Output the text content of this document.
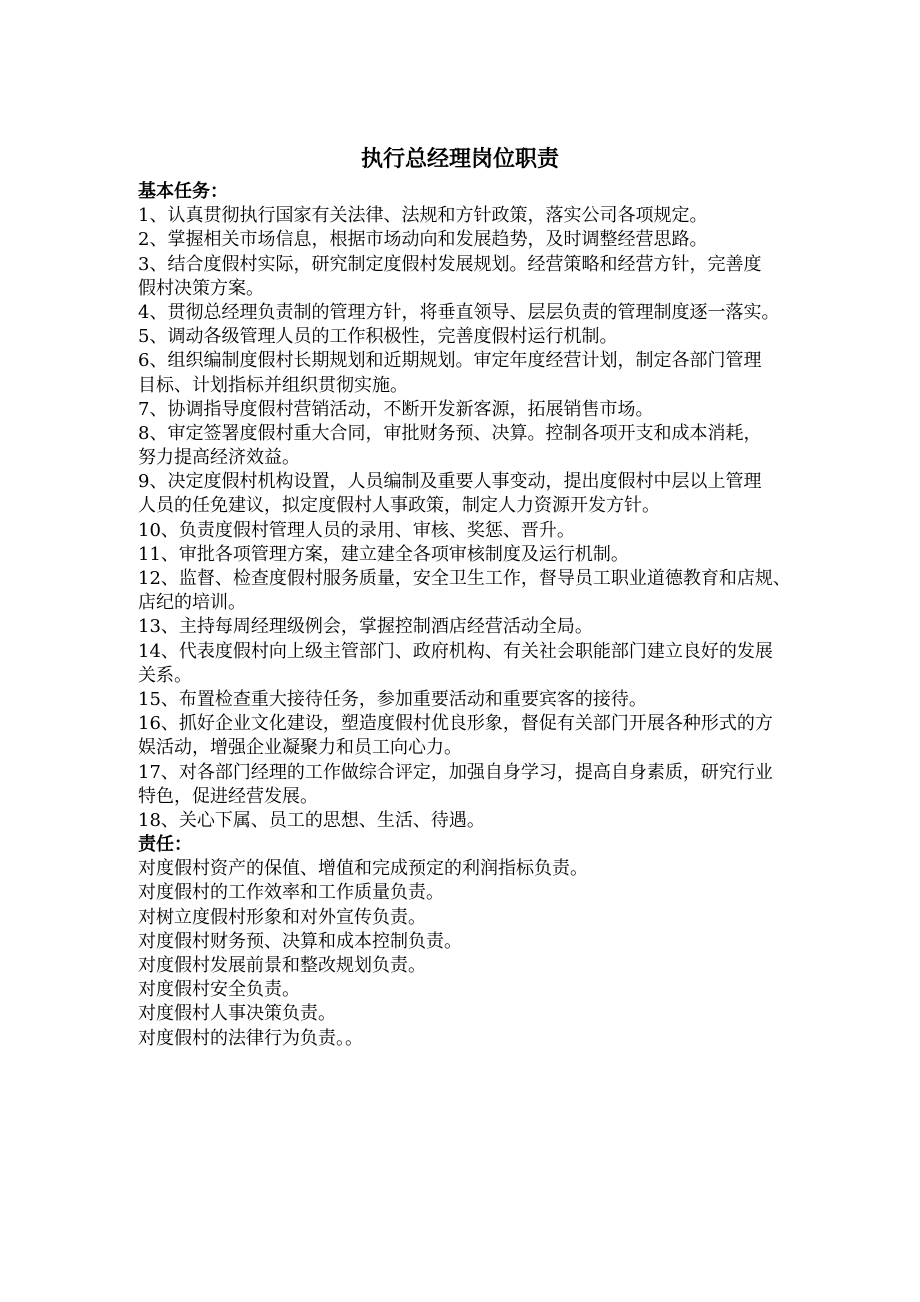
执行总经理岗位职责
基本任务：
1、认真贯彻执行国家有关法律、法规和方针政策，落实公司各项规定。
2、掌握相关市场信息，根据市场动向和发展趋势，及时调整经营思路。
3、结合度假村实际，研究制定度假村发展规划。经营策略和经营方针，完善度
假村决策方案。
4、贯彻总经理负责制的管理方针，将垂直领导、层层负责的管理制度逐一落实。
5、调动各级管理人员的工作积极性，完善度假村运行机制。
6、组织编制度假村长期规划和近期规划。审定年度经营计划，制定各部门管理
目标、计划指标并组织贯彻实施。
7、协调指导度假村营销活动，不断开发新客源，拓展销售市场。
8、审定签署度假村重大合同，审批财务预、决算。控制各项开支和成本消耗，
努力提高经济效益。
9、决定度假村机构设置，人员编制及重要人事变动，提出度假村中层以上管理
人员的任免建议，拟定度假村人事政策，制定人力资源开发方针。
10、负责度假村管理人员的录用、审核、奖惩、晋升。
11、审批各项管理方案，建立建全各项审核制度及运行机制。
12、监督、检查度假村服务质量，安全卫生工作，督导员工职业道德教育和店规、
店纪的培训。
13、主持每周经理级例会，掌握控制酒店经营活动全局。
14、代表度假村向上级主管部门、政府机构、有关社会职能部门建立良好的发展
关系。
15、布置检查重大接待任务，参加重要活动和重要宾客的接待。
16、抓好企业文化建设，塑造度假村优良形象，督促有关部门开展各种形式的方
娱活动，增强企业凝聚力和员工向心力。
17、对各部门经理的工作做综合评定，加强自身学习，提高自身素质，研究行业
特色，促进经营发展。
18、关心下属、员工的思想、生活、待遇。
责任：
对度假村资产的保值、增值和完成预定的利润指标负责。
对度假村的工作效率和工作质量负责。
对树立度假村形象和对外宣传负责。
对度假村财务预、决算和成本控制负责。
对度假村发展前景和整改规划负责。
对度假村安全负责。
对度假村人事决策负责。
对度假村的法律行为负责。。
